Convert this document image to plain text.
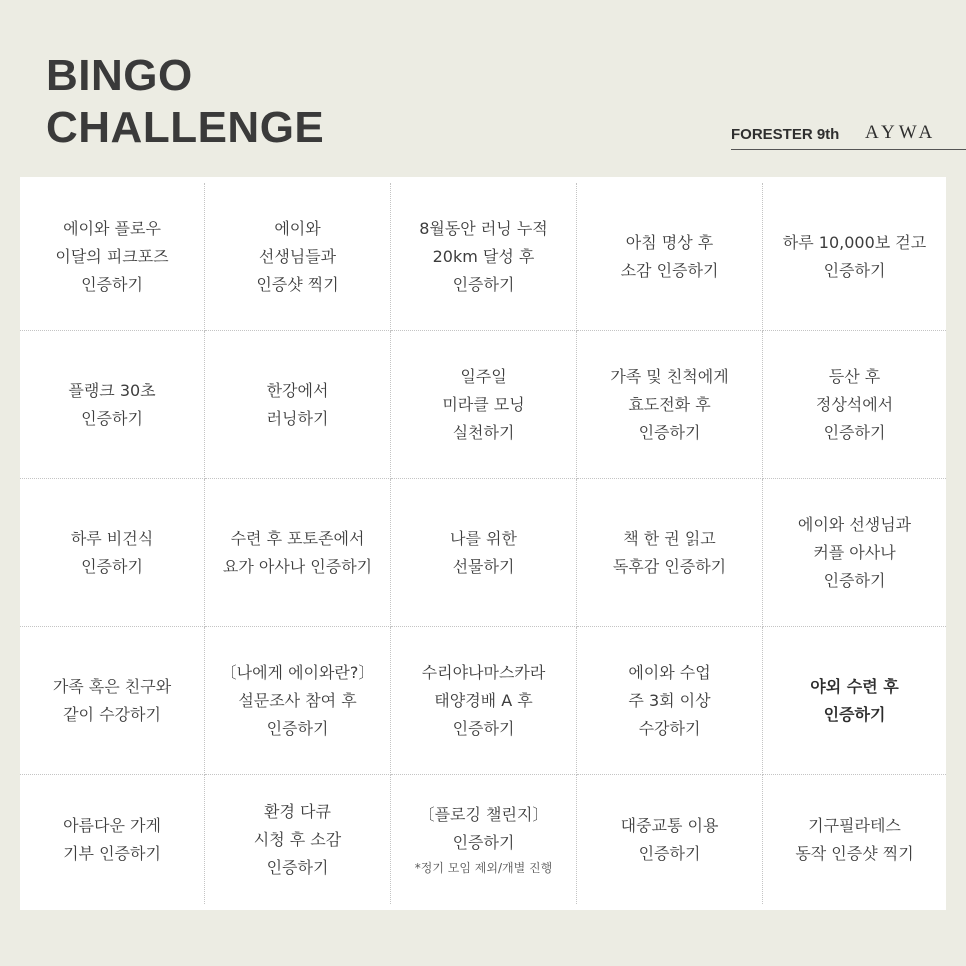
BINGO
CHALLENGE	FORESTER 9th AYWA
에이와 플로우
이달의 피크포즈
인증하기
에이와
선생님들과
인증샷 찍기
8월동안 러닝 누적
20km 달성 후
인증하기
아침 명상 후
소감 인증하기
하루 10,000보 걷고
인증하기
플랭크 30초
인증하기
한강에서
러닝하기
일주일
미라클 모닝
실천하기
가족 및 친척에게
효도전화 후
인증하기
등산 후
정상석에서
인증하기
하루 비건식
인증하기
수련 후 포토존에서
요가 아사나 인증하기
나를 위한
선물하기
책 한 권 읽고
독후감 인증하기
에이와 선생님과
커플 아사나
인증하기
가족 혹은 친구와
같이 수강하기
〔나에게 에이와란?〕
설문조사 참여 후
인증하기
수리야나마스카라
태양경배 A 후
인증하기
에이와 수업
주 3회 이상
수강하기
야외 수련 후
인증하기
아름다운 가게
기부 인증하기
환경 다큐
시청 후 소감
인증하기
〔플로깅 챌린지〕
인증하기
*정기 모임 제외/개별 진행
대중교통 이용
인증하기
기구필라테스
동작 인증샷 찍기
